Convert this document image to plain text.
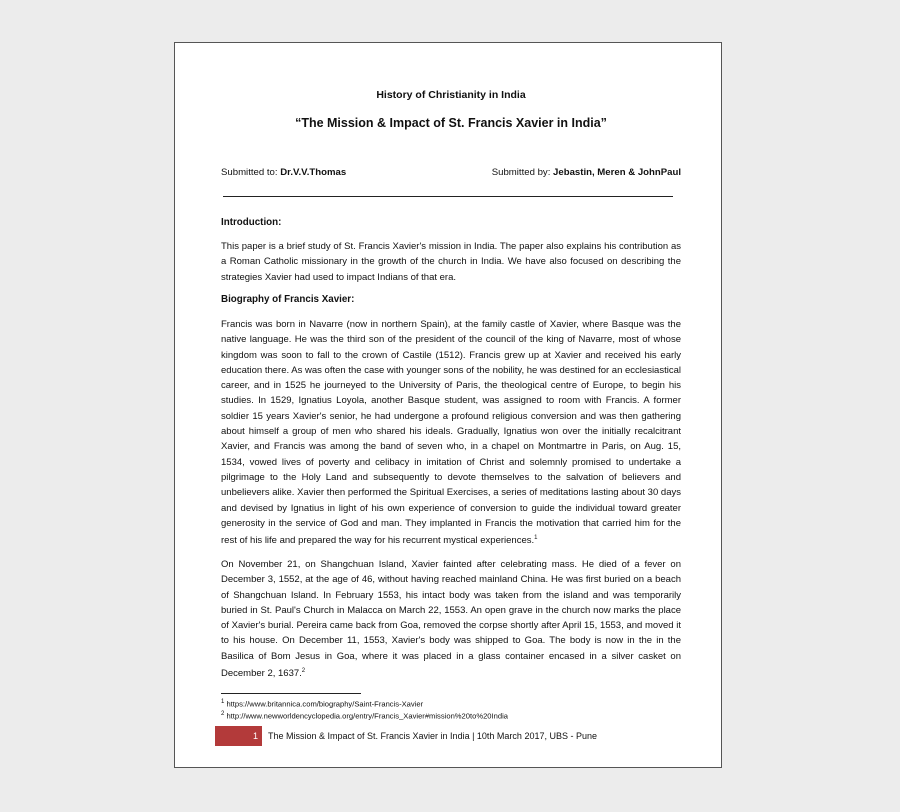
History of Christianity in India
“The Mission & Impact of St. Francis Xavier in India”
Submitted to: Dr.V.V.Thomas	Submitted by: Jebastin, Meren & JohnPaul
Introduction:

This paper is a brief study of St. Francis Xavier's mission in India. The paper also explains his contribution as a Roman Catholic missionary in the growth of the church in India. We have also focused on describing the strategies Xavier had used to impact Indians of that era.

Biography of Francis Xavier:

Francis was born in Navarre (now in northern Spain), at the family castle of Xavier, where Basque was the native language. He was the third son of the president of the council of the king of Navarre, most of whose kingdom was soon to fall to the crown of Castile (1512). Francis grew up at Xavier and received his early education there. As was often the case with younger sons of the nobility, he was destined for an ecclesiastical career, and in 1525 he journeyed to the University of Paris, the theological centre of Europe, to begin his studies. In 1529, Ignatius Loyola, another Basque student, was assigned to room with Francis. A former soldier 15 years Xavier's senior, he had undergone a profound religious conversion and was then gathering about himself a group of men who shared his ideals. Gradually, Ignatius won over the initially recalcitrant Xavier, and Francis was among the band of seven who, in a chapel on Montmartre in Paris, on Aug. 15, 1534, vowed lives of poverty and celibacy in imitation of Christ and solemnly promised to undertake a pilgrimage to the Holy Land and subsequently to devote themselves to the salvation of believers and unbelievers alike. Xavier then performed the Spiritual Exercises, a series of meditations lasting about 30 days and devised by Ignatius in light of his own experience of conversion to guide the individual toward greater generosity in the service of God and man. They implanted in Francis the motivation that carried him for the rest of his life and prepared the way for his recurrent mystical experiences.$^1$

On November 21, on Shangchuan Island, Xavier fainted after celebrating mass. He died of a fever on December 3, 1552, at the age of 46, without having reached mainland China. He was first buried on a beach of Shangchuan Island. In February 1553, his intact body was taken from the island and was temporarily buried in St. Paul's Church in Malacca on March 22, 1553. An open grave in the church now marks the place of Xavier's burial. Pereira came back from Goa, removed the corpse shortly after April 15, 1553, and moved it to his house. On December 11, 1553, Xavier's body was shipped to Goa. The body is now in the in the Basilica of Bom Jesus in Goa, where it was placed in a glass container encased in a silver casket on December 2, 1637.$^2$

$^1$ https://www.britannica.com/biography/Saint-Francis-Xavier
$^2$ http://www.newworldencyclopedia.org/entry/Francis_Xavier#mission%20to%20India
1	The Mission & Impact of St. Francis Xavier in India | 10th March 2017, UBS - Pune
